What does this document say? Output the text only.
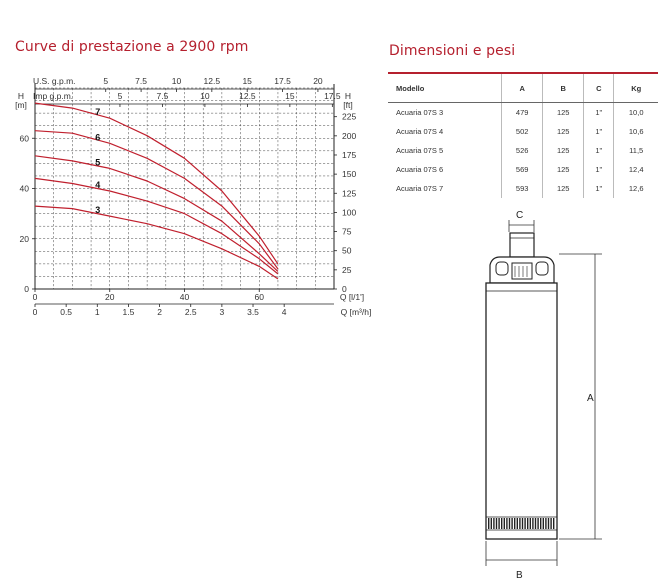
Curve di prestazione a 2900 rpm	Dimensioni e pesi
H
[m]
0
20
40
60
H
[ft]
0
25
50
75
100
125
150
175
200
225
U.S. g.p.m.	5	7.5	10	12.5	15	17.5	20
Imp g.p.m.	5	7.5	10	12.5	15	17.5
0	20	40	60	Q [l/1']
0	0.5	1	1.5	2	2.5	3	3.5	4	Q [m³/h]
7
6
5
4
3
Modello	A	B	C	Kg
Acuaria 07S 3	479	125	1"	10,0
Acuaria 07S 4	502	125	1"	10,6
Acuaria 07S 5	526	125	1"	11,5
Acuaria 07S 6	569	125	1"	12,4
Acuaria 07S 7	593	125	1"	12,6
C
A
B
